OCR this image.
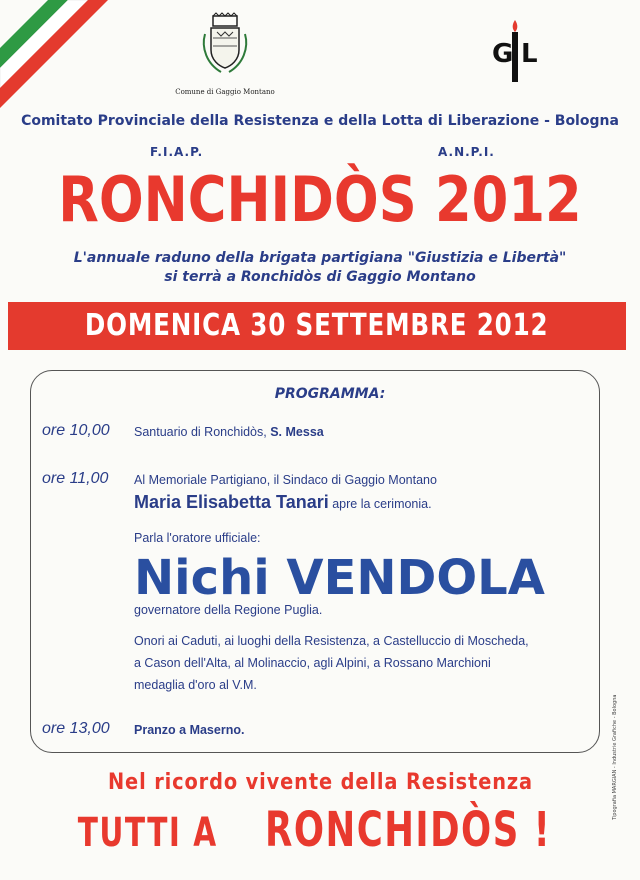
Comune di Gaggio Montano
G L
Comitato Provinciale della Resistenza e della Lotta di Liberazione - Bologna
F.I.A.P.	A.N.P.I.
RONCHIDÒS 2012
L'annuale raduno della brigata partigiana "Giustizia e Libertà"
si terrà a Ronchidòs di Gaggio Montano
DOMENICA 30 SETTEMBRE 2012
PROGRAMMA:
ore 10,00 Santuario di Ronchidòs, S. Messa
ore 11,00 Al Memoriale Partigiano, il Sindaco di Gaggio Montano
Maria Elisabetta Tanari apre la cerimonia.
Parla l'oratore ufficiale:
Nichi VENDOLA
governatore della Regione Puglia.
Onori ai Caduti, ai luoghi della Resistenza, a Castelluccio di Moscheda,
a Cason dell'Alta, al Molinaccio, agli Alpini, a Rossano Marchioni
medaglia d'oro al V.M.
ore 13,00 Pranzo a Maserno.
Nel ricordo vivente della Resistenza
TUTTI A RONCHIDÒS !
Tipografia MARGIAN - Industrie Grafiche - Bologna
